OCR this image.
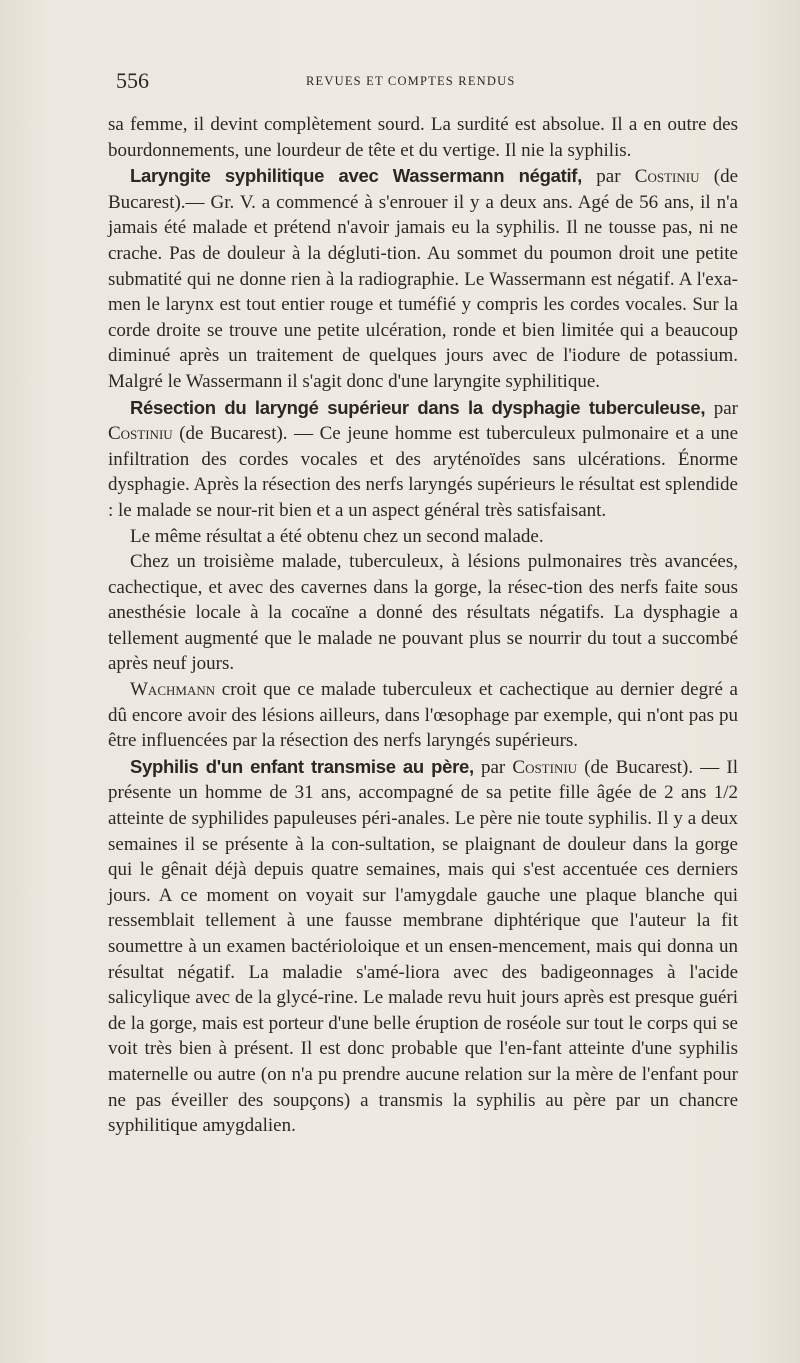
556	REVUES ET COMPTES RENDUS

sa femme, il devint complètement sourd. La surdité est absolue. Il a en outre des bourdonnements, une lourdeur de tête et du vertige. Il nie la syphilis.

Laryngite syphilitique avec Wassermann négatif, par Costiniu (de Bucarest).— Gr. V. a commencé à s'enrouer il y a deux ans. Agé de 56 ans, il n'a jamais été malade et prétend n'avoir jamais eu la syphilis. Il ne tousse pas, ni ne crache. Pas de douleur à la dégluti-tion. Au sommet du poumon droit une petite submatité qui ne donne rien à la radiographie. Le Wassermann est négatif. A l'exa-men le larynx est tout entier rouge et tuméfié y compris les cordes vocales. Sur la corde droite se trouve une petite ulcération, ronde et bien limitée qui a beaucoup diminué après un traitement de quelques jours avec de l'iodure de potassium. Malgré le Wassermann il s'agit donc d'une laryngite syphilitique.

Résection du laryngé supérieur dans la dysphagie tuberculeuse, par Costiniu (de Bucarest). — Ce jeune homme est tuberculeux pulmonaire et a une infiltration des cordes vocales et des aryténoïdes sans ulcérations. Énorme dysphagie. Après la résection des nerfs laryngés supérieurs le résultat est splendide : le malade se nour-rit bien et a un aspect général très satisfaisant.

Le même résultat a été obtenu chez un second malade.

Chez un troisième malade, tuberculeux, à lésions pulmonaires très avancées, cachectique, et avec des cavernes dans la gorge, la résec-tion des nerfs faite sous anesthésie locale à la cocaïne a donné des résultats négatifs. La dysphagie a tellement augmenté que le malade ne pouvant plus se nourrir du tout a succombé après neuf jours.

Wachmann croit que ce malade tuberculeux et cachectique au dernier degré a dû encore avoir des lésions ailleurs, dans l'œsophage par exemple, qui n'ont pas pu être influencées par la résection des nerfs laryngés supérieurs.

Syphilis d'un enfant transmise au père, par Costiniu (de Bucarest). — Il présente un homme de 31 ans, accompagné de sa petite fille âgée de 2 ans 1/2 atteinte de syphilides papuleuses péri-anales. Le père nie toute syphilis. Il y a deux semaines il se présente à la con-sultation, se plaignant de douleur dans la gorge qui le gênait déjà depuis quatre semaines, mais qui s'est accentuée ces derniers jours. A ce moment on voyait sur l'amygdale gauche une plaque blanche qui ressemblait tellement à une fausse membrane diphtérique que l'auteur la fit soumettre à un examen bactérioloique et un ensen-mencement, mais qui donna un résultat négatif. La maladie s'amé-liora avec des badigeonnages à l'acide salicylique avec de la glycé-rine. Le malade revu huit jours après est presque guéri de la gorge, mais est porteur d'une belle éruption de roséole sur tout le corps qui se voit très bien à présent. Il est donc probable que l'en-fant atteinte d'une syphilis maternelle ou autre (on n'a pu prendre aucune relation sur la mère de l'enfant pour ne pas éveiller des soupçons) a transmis la syphilis au père par un chancre syphilitique amygdalien.
